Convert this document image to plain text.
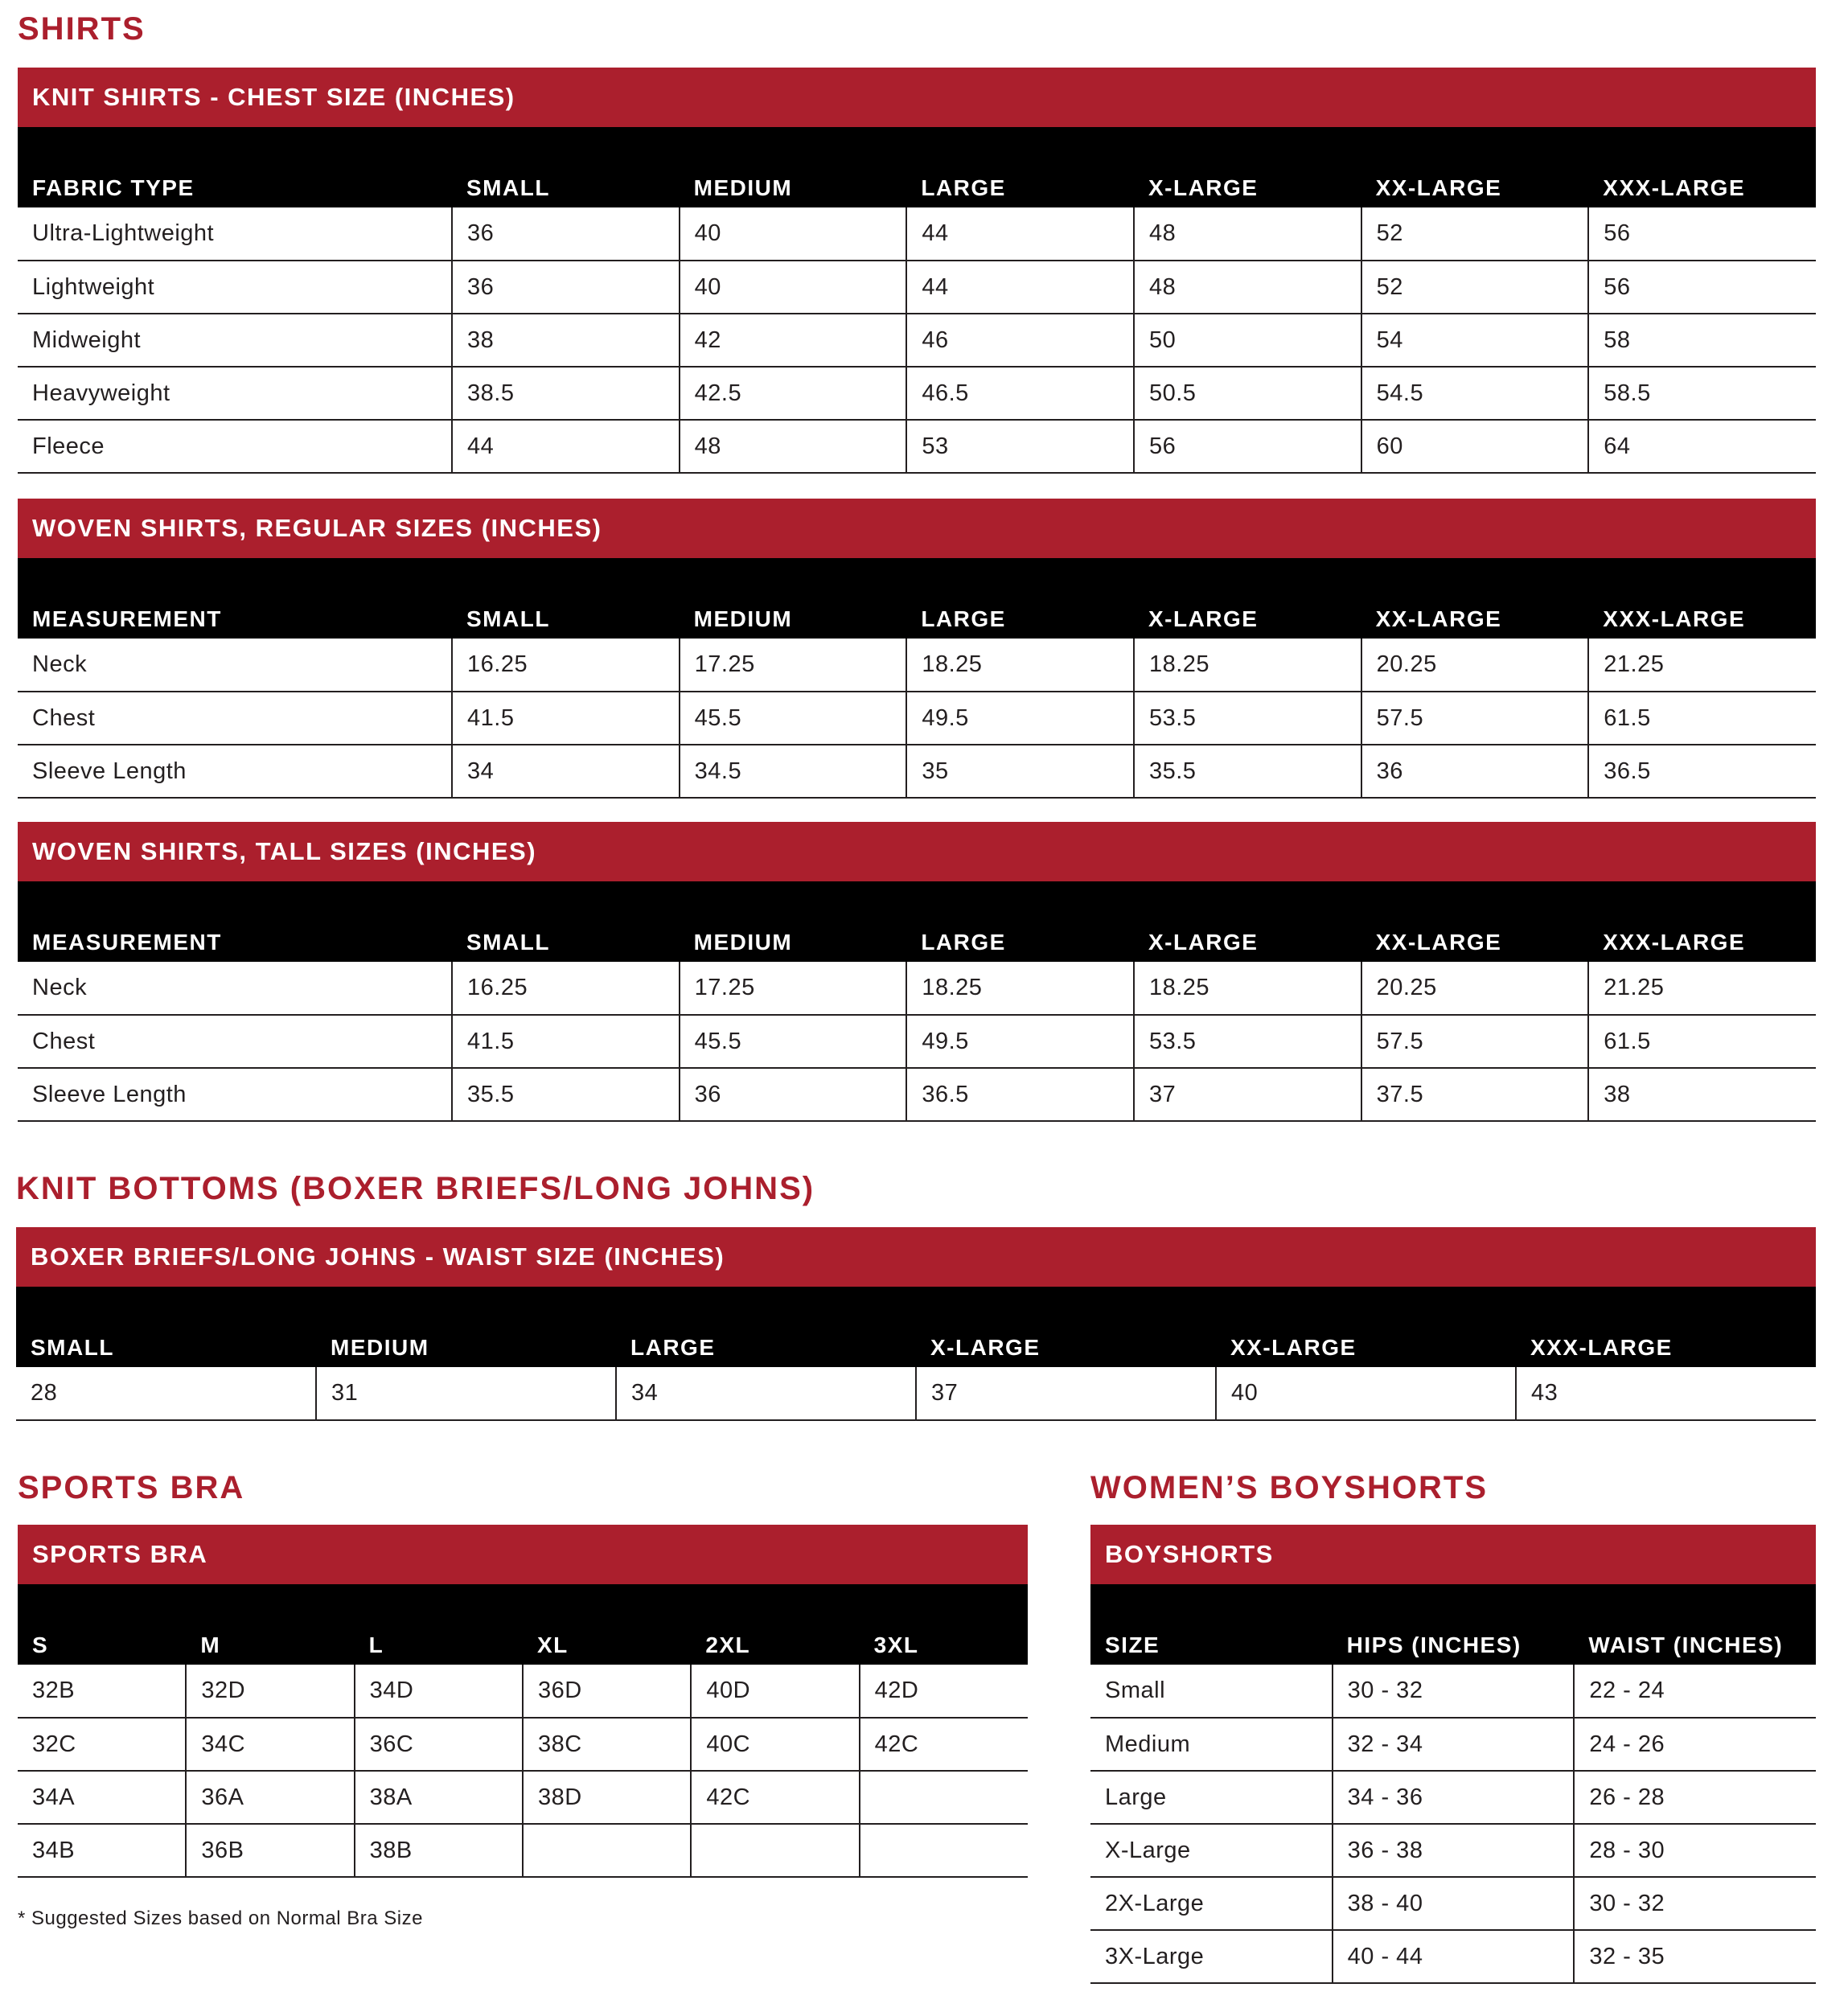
SHIRTS
KNIT SHIRTS - CHEST SIZE (INCHES)
FABRIC TYPE	SMALL	MEDIUM	LARGE	X-LARGE	XX-LARGE	XXX-LARGE
Ultra-Lightweight	36	40	44	48	52	56
Lightweight	36	40	44	48	52	56
Midweight	38	42	46	50	54	58
Heavyweight	38.5	42.5	46.5	50.5	54.5	58.5
Fleece	44	48	53	56	60	64
WOVEN SHIRTS, REGULAR SIZES (INCHES)
MEASUREMENT	SMALL	MEDIUM	LARGE	X-LARGE	XX-LARGE	XXX-LARGE
Neck	16.25	17.25	18.25	18.25	20.25	21.25
Chest	41.5	45.5	49.5	53.5	57.5	61.5
Sleeve Length	34	34.5	35	35.5	36	36.5
WOVEN SHIRTS, TALL SIZES (INCHES)
MEASUREMENT	SMALL	MEDIUM	LARGE	X-LARGE	XX-LARGE	XXX-LARGE
Neck	16.25	17.25	18.25	18.25	20.25	21.25
Chest	41.5	45.5	49.5	53.5	57.5	61.5
Sleeve Length	35.5	36	36.5	37	37.5	38
KNIT BOTTOMS (BOXER BRIEFS/LONG JOHNS)
BOXER BRIEFS/LONG JOHNS - WAIST SIZE (INCHES)
SMALL	MEDIUM	LARGE	X-LARGE	XX-LARGE	XXX-LARGE
28	31	34	37	40	43
SPORTS BRA
SPORTS BRA
S	M	L	XL	2XL	3XL
32B	32D	34D	36D	40D	42D
32C	34C	36C	38C	40C	42C
34A	36A	38A	38D	42C	
34B	36B	38B			
* Suggested Sizes based on Normal Bra Size
WOMEN’S BOYSHORTS
BOYSHORTS
SIZE	HIPS (INCHES)	WAIST (INCHES)
Small	30 - 32	22 - 24
Medium	32 - 34	24 - 26
Large	34 - 36	26 - 28
X-Large	36 - 38	28 - 30
2X-Large	38 - 40	30 - 32
3X-Large	40 - 44	32 - 35
